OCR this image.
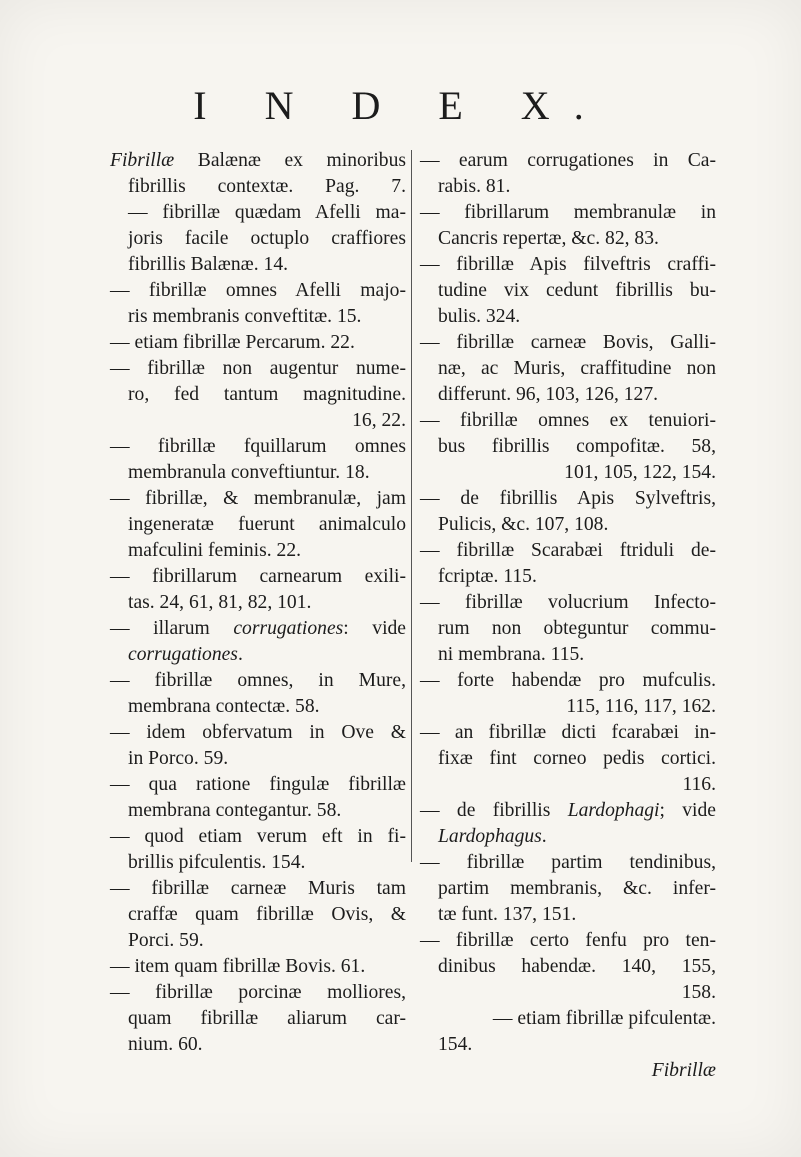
I N D E X.
Fibrillæ Balænæ ex minoribus
fibrillis contextæ. Pag. 7.
— fibrillæ quædam Afelli ma-
joris facile octuplo craffiores
fibrillis Balænæ. 14.
— fibrillæ omnes Afelli majo-
ris membranis conveftitæ. 15.
— etiam fibrillæ Percarum. 22.
— fibrillæ non augentur nume-
ro, fed tantum magnitudine.
16, 22.
— fibrillæ fquillarum omnes
membranula conveftiuntur. 18.
— fibrillæ, & membranulæ, jam
ingeneratæ fuerunt animalculo
mafculini feminis. 22.
— fibrillarum carnearum exili-
tas. 24, 61, 81, 82, 101.
— illarum corrugationes: vide
corrugationes.
— fibrillæ omnes, in Mure,
membrana contectæ. 58.
— idem obfervatum in Ove &
in Porco. 59.
— qua ratione fingulæ fibrillæ
membrana contegantur. 58.
— quod etiam verum eft in fi-
brillis pifculentis. 154.
— fibrillæ carneæ Muris tam
craffæ quam fibrillæ Ovis, &
Porci. 59.
— item quam fibrillæ Bovis. 61.
— fibrillæ porcinæ molliores,
quam fibrillæ aliarum car-
nium. 60.
— earum corrugationes in Ca-
rabis. 81.
— fibrillarum membranulæ in
Cancris repertæ, &c. 82, 83.
— fibrillæ Apis filveftris craffi-
tudine vix cedunt fibrillis bu-
bulis. 324.
— fibrillæ carneæ Bovis, Galli-
næ, ac Muris, craffitudine non
differunt. 96, 103, 126, 127.
— fibrillæ omnes ex tenuiori-
bus fibrillis compofitæ. 58,
101, 105, 122, 154.
— de fibrillis Apis Sylveftris,
Pulicis, &c. 107, 108.
— fibrillæ Scarabæi ftriduli de-
fcriptæ. 115.
— fibrillæ volucrium Infecto-
rum non obteguntur commu-
ni membrana. 115.
— forte habendæ pro mufculis.
115, 116, 117, 162.
— an fibrillæ dicti fcarabæi in-
fixæ fint corneo pedis cortici.
116.
— de fibrillis Lardophagi; vide
Lardophagus.
— fibrillæ partim tendinibus,
partim membranis, &c. infer-
tæ funt. 137, 151.
— fibrillæ certo fenfu pro ten-
dinibus habendæ. 140, 155,
158.
— etiam fibrillæ pifculentæ.
154.
Fibrillæ
